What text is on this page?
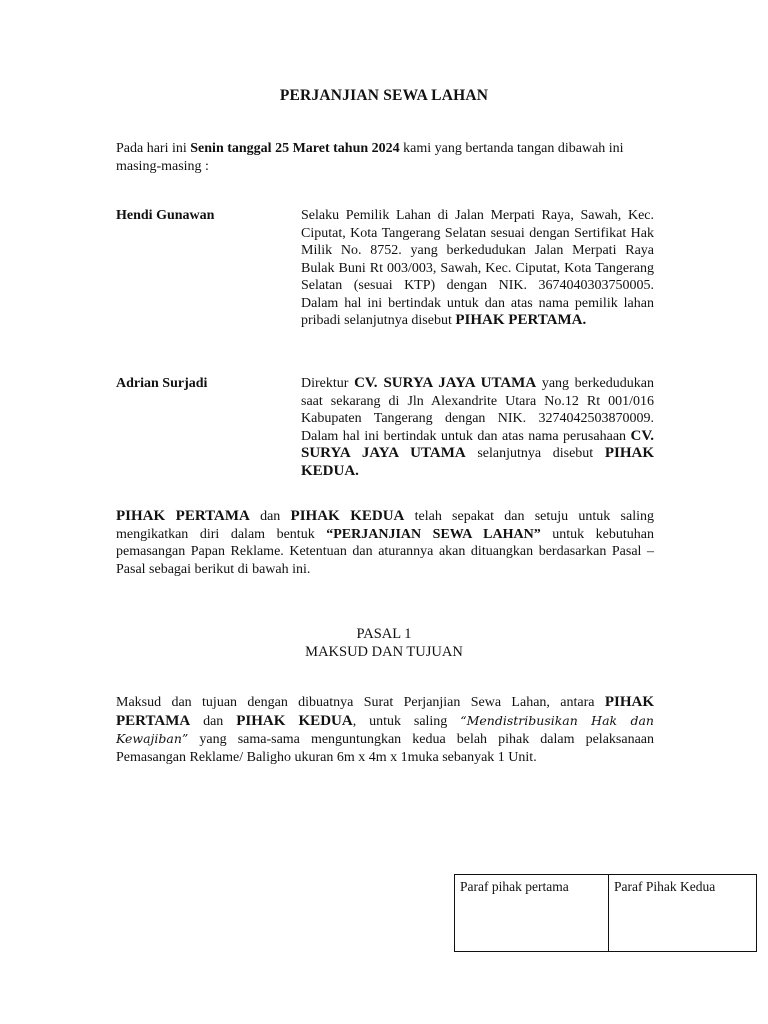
PERJANJIAN SEWA LAHAN
Pada hari ini Senin tanggal 25 Maret tahun 2024 kami yang bertanda tangan dibawah ini masing-masing :
Hendi Gunawan	Selaku Pemilik Lahan di Jalan Merpati Raya, Sawah, Kec. Ciputat, Kota Tangerang Selatan sesuai dengan Sertifikat Hak Milik No. 8752. yang berkedudukan Jalan Merpati Raya Bulak Buni Rt 003/003, Sawah, Kec. Ciputat, Kota Tangerang Selatan (sesuai KTP) dengan NIK. 3674040303750005. Dalam hal ini bertindak untuk dan atas nama pemilik lahan pribadi selanjutnya disebut PIHAK PERTAMA.
Adrian Surjadi	Direktur CV. SURYA JAYA UTAMA yang berkedudukan saat sekarang di Jln Alexandrite Utara No.12 Rt 001/016 Kabupaten Tangerang dengan NIK. 3274042503870009. Dalam hal ini bertindak untuk dan atas nama perusahaan CV. SURYA JAYA UTAMA selanjutnya disebut PIHAK KEDUA.
PIHAK PERTAMA dan PIHAK KEDUA telah sepakat dan setuju untuk saling mengikatkan diri dalam bentuk “PERJANJIAN SEWA LAHAN” untuk kebutuhan pemasangan Papan Reklame. Ketentuan dan aturannya akan dituangkan berdasarkan Pasal – Pasal sebagai berikut di bawah ini.
PASAL 1
MAKSUD DAN TUJUAN
Maksud dan tujuan dengan dibuatnya Surat Perjanjian Sewa Lahan, antara PIHAK PERTAMA dan PIHAK KEDUA, untuk saling “Mendistribusikan Hak dan Kewajiban” yang sama-sama menguntungkan kedua belah pihak dalam pelaksanaan Pemasangan Reklame/ Baligho ukuran 6m x 4m x 1muka sebanyak 1 Unit.
Paraf pihak pertama	Paraf Pihak Kedua
